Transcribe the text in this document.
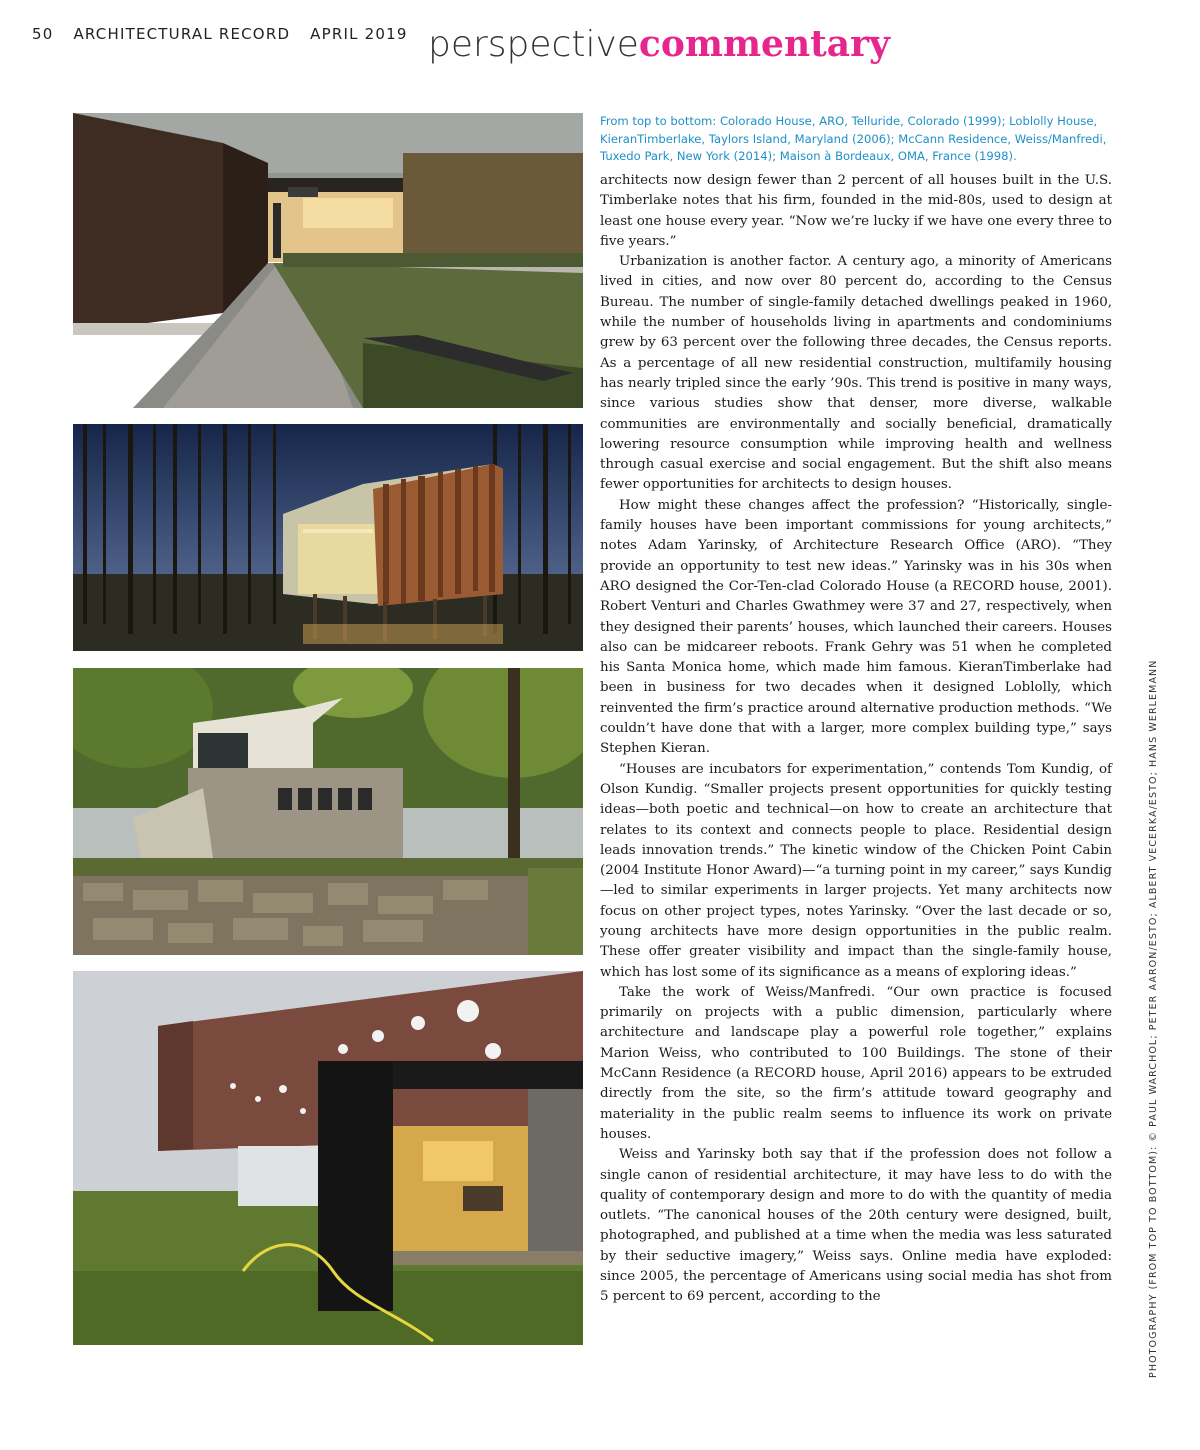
50 ARCHITECTURAL RECORD APRIL 2019 perspectivecommentary
From top to bottom: Colorado House, ARO, Telluride, Colorado (1999); Loblolly House, KieranTimberlake, Taylors Island, Maryland (2006); McCann Residence, Weiss/Manfredi, Tuxedo Park, New York (2014); Maison à Bordeaux, OMA, France (1998).

architects now design fewer than 2 percent of all houses built in the U.S. Timberlake notes that his firm, founded in the mid-80s, used to design at least one house every year. “Now we’re lucky if we have one every three to five years.”

Urbanization is another factor. A century ago, a minority of Americans lived in cities, and now over 80 percent do, according to the Census Bureau. The number of single-family detached dwellings peaked in 1960, while the number of households living in apartments and condominiums grew by 63 percent over the following three decades, the Census reports. As a percentage of all new residential construction, multifamily housing has nearly tripled since the early ’90s. This trend is positive in many ways, since various studies show that denser, more diverse, walkable communities are environmentally and socially beneficial, dramatically lowering resource consumption while improving health and wellness through casual exercise and social engagement. But the shift also means fewer opportunities for architects to design houses.

How might these changes affect the profession? “Historically, single-family houses have been important commissions for young architects,” notes Adam Yarinsky, of Architecture Research Office (ARO). “They provide an opportunity to test new ideas.” Yarinsky was in his 30s when ARO designed the Cor-Ten-clad Colorado House (a RECORD house, 2001). Robert Venturi and Charles Gwathmey were 37 and 27, respectively, when they designed their parents’ houses, which launched their careers. Houses also can be midcareer reboots. Frank Gehry was 51 when he completed his Santa Monica home, which made him famous. KieranTimberlake had been in business for two decades when it designed Loblolly, which reinvented the firm’s practice around alternative production methods. “We couldn’t have done that with a larger, more complex building type,” says Stephen Kieran.

“Houses are incubators for experimentation,” contends Tom Kundig, of Olson Kundig. “Smaller projects present opportunities for quickly testing ideas—both poetic and technical—on how to create an architecture that relates to its context and connects people to place. Residential design leads innovation trends.” The kinetic window of the Chicken Point Cabin (2004 Institute Honor Award)—“a turning point in my career,” says Kundig—led to similar experiments in larger projects. Yet many architects now focus on other project types, notes Yarinsky. “Over the last decade or so, young architects have more design opportunities in the public realm. These offer greater visibility and impact than the single-family house, which has lost some of its significance as a means of exploring ideas.”

Take the work of Weiss/Manfredi. “Our own practice is focused primarily on projects with a public dimension, particularly where architecture and landscape play a powerful role together,” explains Marion Weiss, who contributed to 100 Buildings. The stone of their McCann Residence (a RECORD house, April 2016) appears to be extruded directly from the site, so the firm’s attitude toward geography and materiality in the public realm seems to influence its work on private houses.

Weiss and Yarinsky both say that if the profession does not follow a single canon of residential architecture, it may have less to do with the quality of contemporary design and more to do with the quantity of media outlets. “The canonical houses of the 20th century were designed, built, photographed, and published at a time when the media was less saturated by their seductive imagery,” Weiss says. Online media have exploded: since 2005, the percentage of Americans using social media has shot from 5 percent to 69 percent, according to the	PHOTOGRAPHY (FROM TOP TO BOTTOM): © PAUL WARCHOL; PETER AARON/ESTO; ALBERT VECERKA/ESTO; HANS WERLEMANN
